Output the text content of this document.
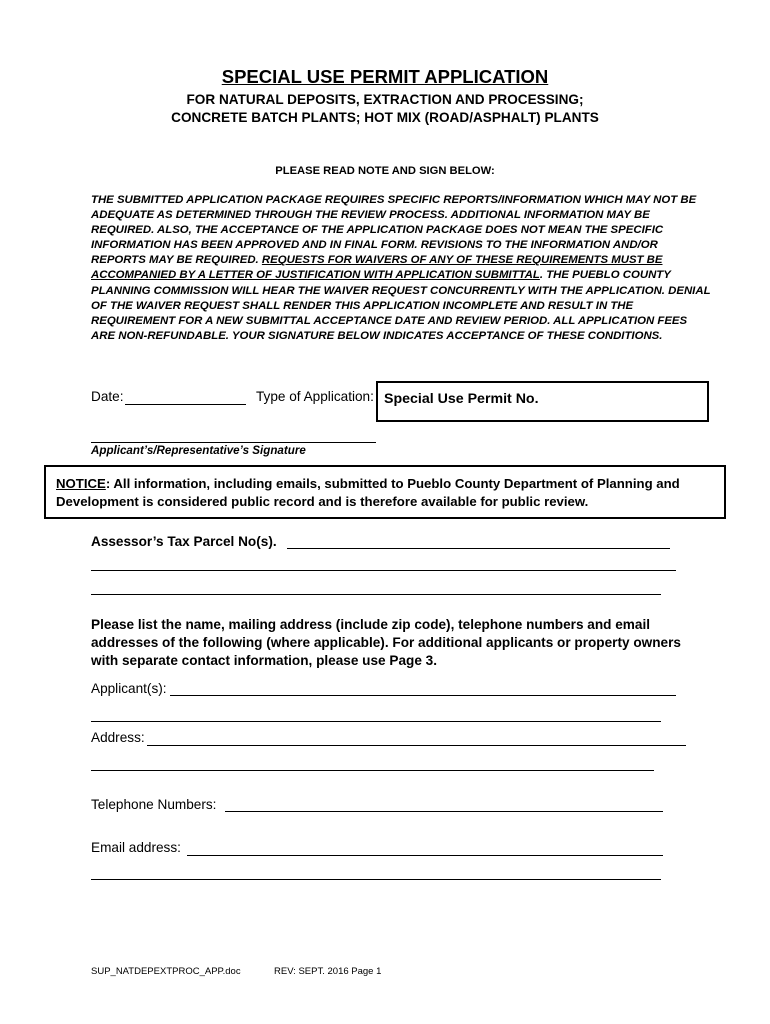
SPECIAL USE PERMIT APPLICATION
FOR NATURAL DEPOSITS, EXTRACTION AND PROCESSING;
CONCRETE BATCH PLANTS; HOT MIX (ROAD/ASPHALT) PLANTS
PLEASE READ NOTE AND SIGN BELOW:
THE SUBMITTED APPLICATION PACKAGE REQUIRES SPECIFIC REPORTS/INFORMATION WHICH MAY NOT BE ADEQUATE AS DETERMINED THROUGH THE REVIEW PROCESS. ADDITIONAL INFORMATION MAY BE REQUIRED. ALSO, THE ACCEPTANCE OF THE APPLICATION PACKAGE DOES NOT MEAN THE SPECIFIC INFORMATION HAS BEEN APPROVED AND IN FINAL FORM. REVISIONS TO THE INFORMATION AND/OR REPORTS MAY BE REQUIRED. REQUESTS FOR WAIVERS OF ANY OF THESE REQUIREMENTS MUST BE ACCOMPANIED BY A LETTER OF JUSTIFICATION WITH APPLICATION SUBMITTAL. THE PUEBLO COUNTY PLANNING COMMISSION WILL HEAR THE WAIVER REQUEST CONCURRENTLY WITH THE APPLICATION. DENIAL OF THE WAIVER REQUEST SHALL RENDER THIS APPLICATION INCOMPLETE AND RESULT IN THE REQUIREMENT FOR A NEW SUBMITTAL ACCEPTANCE DATE AND REVIEW PERIOD. ALL APPLICATION FEES ARE NON-REFUNDABLE. YOUR SIGNATURE BELOW INDICATES ACCEPTANCE OF THESE CONDITIONS.
Date:	Type of Application: Special Use Permit No.
Applicant’s/Representative’s Signature
NOTICE: All information, including emails, submitted to Pueblo County Department of Planning and Development is considered public record and is therefore available for public review.
Assessor’s Tax Parcel No(s).
Please list the name, mailing address (include zip code), telephone numbers and email addresses of the following (where applicable). For additional applicants or property owners with separate contact information, please use Page 3.
Applicant(s):
Address:
Telephone Numbers:
Email address:
SUP_NATDEPEXTPROC_APP.doc	REV: SEPT. 2016 Page 1
